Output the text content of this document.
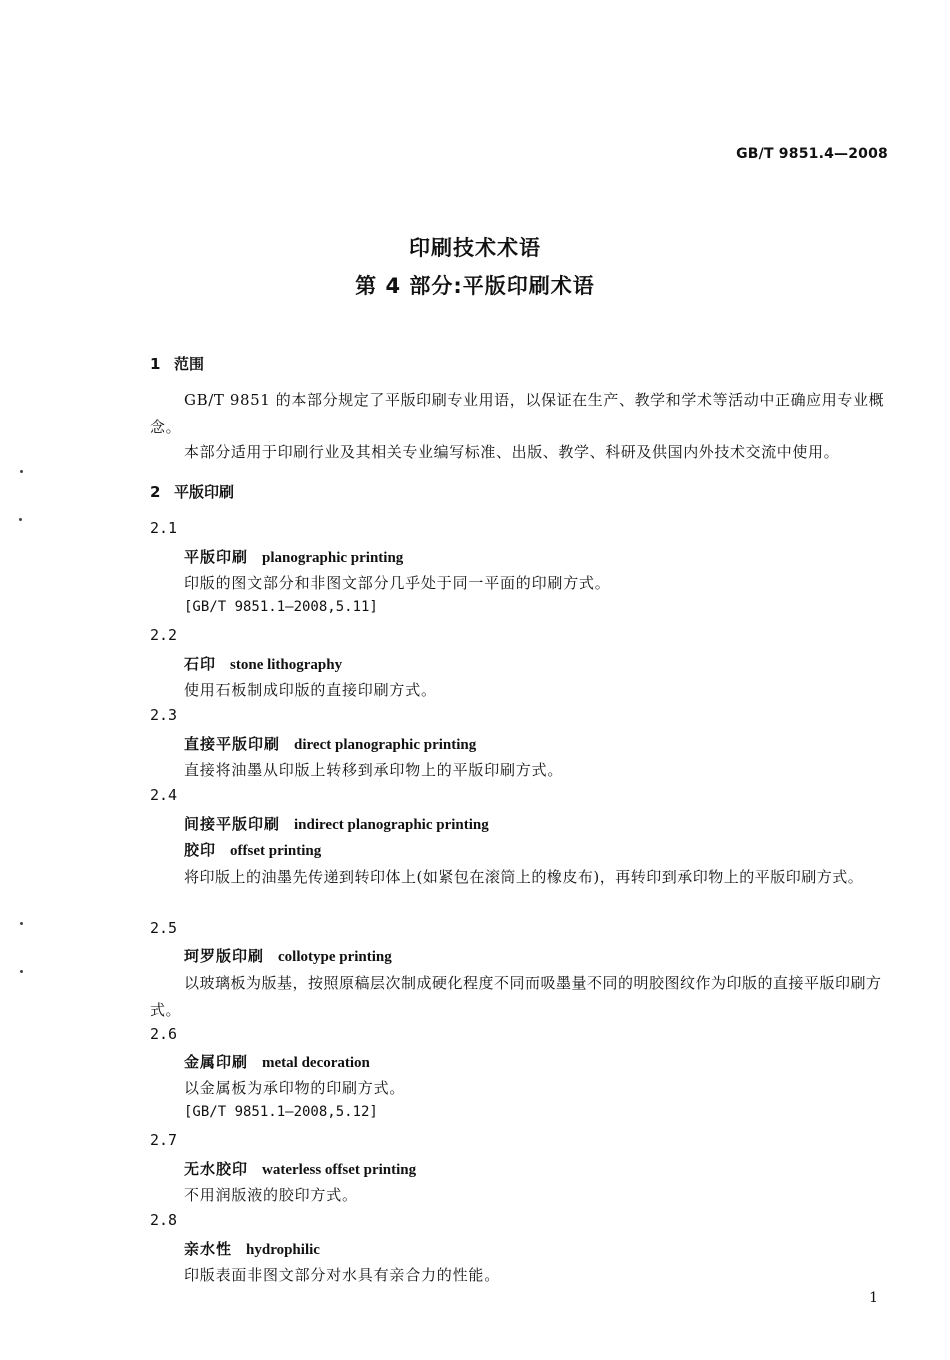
GB/T 9851.4—2008
印刷技术术语
第 4 部分:平版印刷术语
1 范围
GB/T 9851 的本部分规定了平版印刷专业用语，以保证在生产、教学和学术等活动中正确应用专业概念。
本部分适用于印刷行业及其相关专业编写标准、出版、教学、科研及供国内外技术交流中使用。
2 平版印刷
2.1
平版印刷 planographic printing
印版的图文部分和非图文部分几乎处于同一平面的印刷方式。
[GB/T 9851.1—2008,5.11]
2.2
石印 stone lithography
使用石板制成印版的直接印刷方式。
2.3
直接平版印刷 direct planographic printing
直接将油墨从印版上转移到承印物上的平版印刷方式。
2.4
间接平版印刷 indirect planographic printing
胶印 offset printing
将印版上的油墨先传递到转印体上(如紧包在滚筒上的橡皮布)，再转印到承印物上的平版印刷方式。
2.5
珂罗版印刷 collotype printing
以玻璃板为版基，按照原稿层次制成硬化程度不同而吸墨量不同的明胶图纹作为印版的直接平版印刷方式。
2.6
金属印刷 metal decoration
以金属板为承印物的印刷方式。
[GB/T 9851.1—2008,5.12]
2.7
无水胶印 waterless offset printing
不用润版液的胶印方式。
2.8
亲水性 hydrophilic
印版表面非图文部分对水具有亲合力的性能。
1
